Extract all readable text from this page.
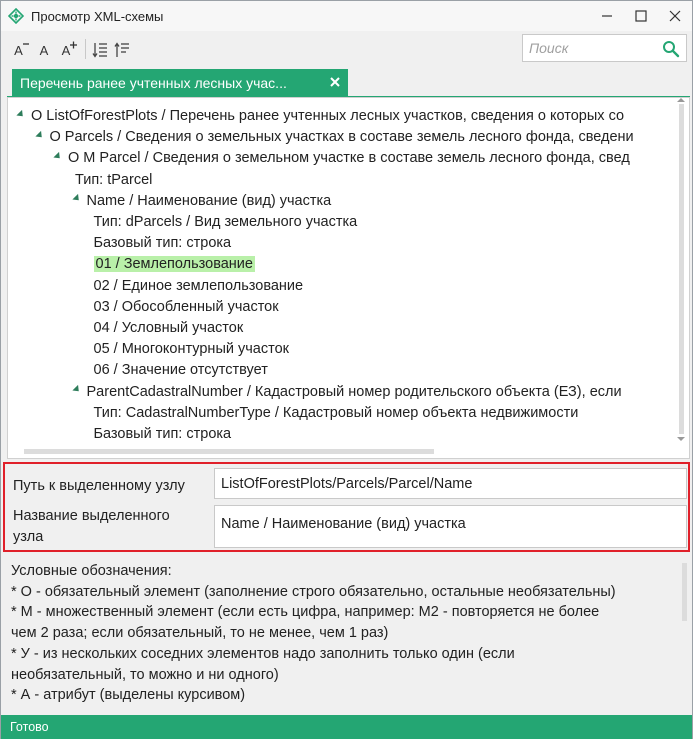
Просмотр XML-схемы
A A A
Поиск
Перечень ранее учтенных лесных учас...
О ListOfForestPlots / Перечень ранее учтенных лесных участков, сведения о которых со
О Parcels / Сведения о земельных участках в составе земель лесного фонда, сведени
О М Parcel / Сведения о земельном участке в составе земель лесного фонда, свед
Тип: tParcel
Name / Наименование (вид) участка
Тип: dParcels / Вид земельного участка
Базовый тип: строка
01 / Землепользование
02 / Единое землепользование
03 / Обособленный участок
04 / Условный участок
05 / Многоконтурный участок
06 / Значение отсутствует
ParentCadastralNumber / Кадастровый номер родительского объекта (ЕЗ), если
Тип: CadastralNumberType / Кадастровый номер объекта недвижимости
Базовый тип: строка
Путь к выделенному узлу
ListOfForestPlots/Parcels/Parcel/Name
Название выделенного
узла
Name / Наименование (вид) участка
Условные обозначения:
* О - обязательный элемент (заполнение строго обязательно, остальные необязательны)
* М - множественный элемент (если есть цифра, например: М2 - повторяется не более
чем 2 раза; если обязательный, то не менее, чем 1 раз)
* У - из нескольких соседних элементов надо заполнить только один (если
необязательный, то можно и ни одного)
* А - атрибут (выделены курсивом)
Готово
